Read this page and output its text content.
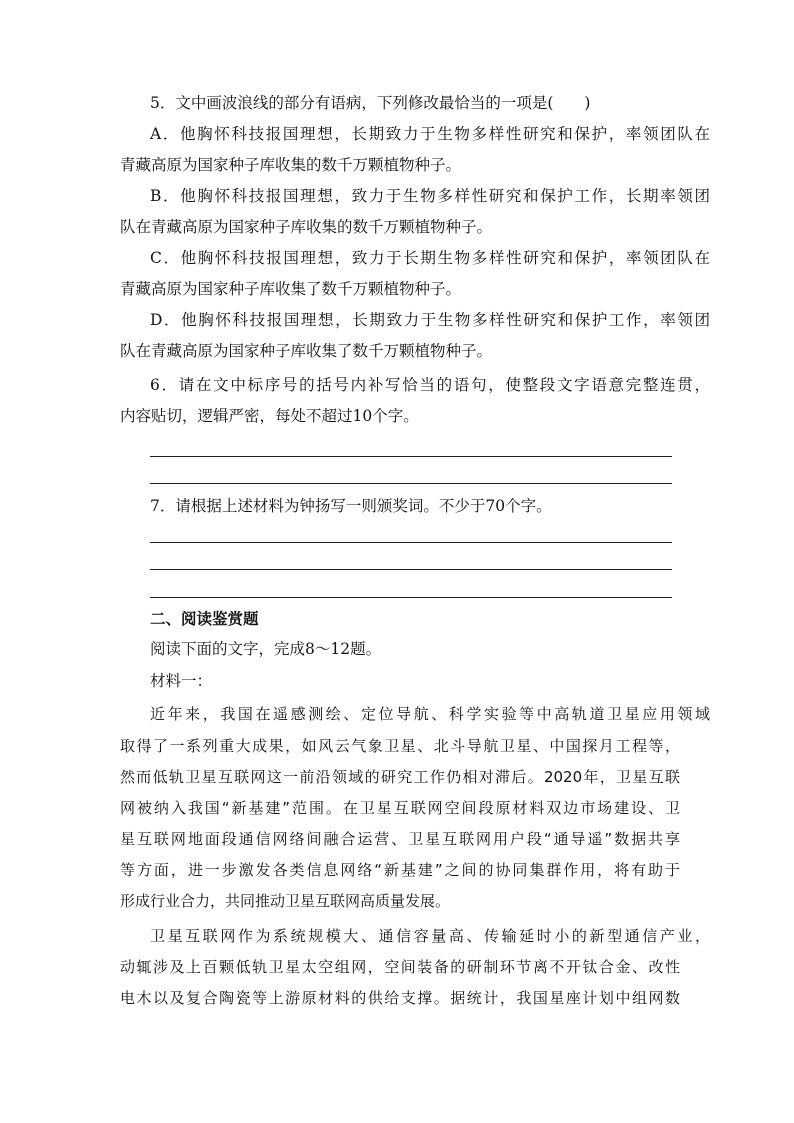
5．文中画波浪线的部分有语病，下列修改最恰当的一项是(　　)
A．他胸怀科技报国理想，长期致力于生物多样性研究和保护，率领团队在
青藏高原为国家种子库收集的数千万颗植物种子。
B．他胸怀科技报国理想，致力于生物多样性研究和保护工作，长期率领团
队在青藏高原为国家种子库收集的数千万颗植物种子。
C．他胸怀科技报国理想，致力于长期生物多样性研究和保护，率领团队在
青藏高原为国家种子库收集了数千万颗植物种子。
D．他胸怀科技报国理想，长期致力于生物多样性研究和保护工作，率领团
队在青藏高原为国家种子库收集了数千万颗植物种子。
6．请在文中标序号的括号内补写恰当的语句，使整段文字语意完整连贯，
内容贴切，逻辑严密，每处不超过10个字。
7．请根据上述材料为钟扬写一则颁奖词。不少于70个字。
二、阅读鉴赏题
阅读下面的文字，完成8～12题。
材料一：
近年来，我国在遥感测绘、定位导航、科学实验等中高轨道卫星应用领域
取得了一系列重大成果，如风云气象卫星、北斗导航卫星、中国探月工程等，
然而低轨卫星互联网这一前沿领域的研究工作仍相对滞后。2020年，卫星互联
网被纳入我国“新基建”范围。在卫星互联网空间段原材料双边市场建设、卫
星互联网地面段通信网络间融合运营、卫星互联网用户段“通导遥”数据共享
等方面，进一步激发各类信息网络“新基建”之间的协同集群作用，将有助于
形成行业合力，共同推动卫星互联网高质量发展。
卫星互联网作为系统规模大、通信容量高、传输延时小的新型通信产业，
动辄涉及上百颗低轨卫星太空组网，空间装备的研制环节离不开钛合金、改性
电木以及复合陶瓷等上游原材料的供给支撑。据统计，我国星座计划中组网数
